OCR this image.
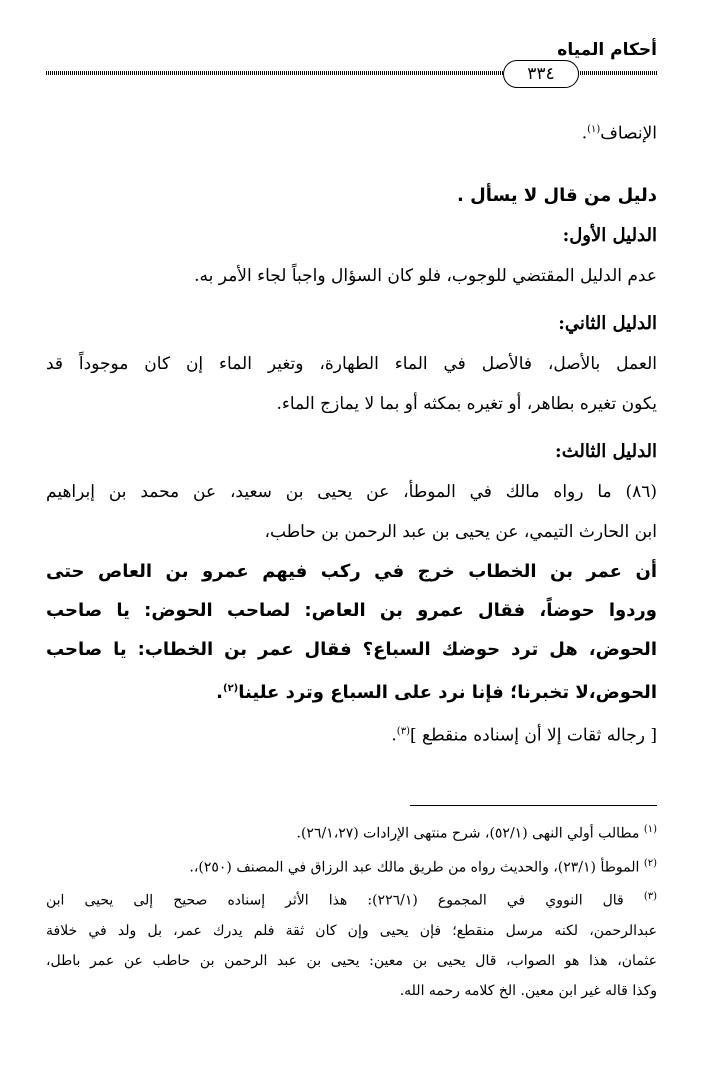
أحكام المياه
٣٣٤

الإنصاف$^{(١)}$.

دليل من قال لا يسأل .
الدليل الأول:

عدم الدليل المقتضي للوجوب، فلو كان السؤال واجباً لجاء الأمر به.

الدليل الثاني:

العمل بالأصل، فالأصل في الماء الطهارة، وتغير الماء إن كان موجوداً قد

يكون تغيره بطاهر، أو تغيره بمكثه أو بما لا يمازج الماء.

الدليل الثالث:

(٨٦) ما رواه مالك في الموطأ، عن يحيى بن سعيد، عن محمد بن إبراهيم

ابن الحارث التيمي، عن يحيى بن عبد الرحمن بن حاطب،

أن عمر بن الخطاب خرج في ركب فيهم عمرو بن العاص حتى

وردوا حوضاً، فقال عمرو بن العاص: لصاحب الحوض: يا صاحب

الحوض، هل ترد حوضك السباع؟ فقال عمر بن الخطاب: يا صاحب

الحوض،لا تخبرنا؛ فإنا نرد على السباع وترد علينا$^{(٢)}$.

[ رجاله ثقات إلا أن إسناده منقطع ]$^{(٣)}$.

$^{(١)}$ مطالب أولي النهى (٥٢/١)، شرح منتهى الإرادات (٢٦/١،٢٧).

$^{(٢)}$ الموطأ (٢٣/١)، والحديث رواه من طريق مالك عبد الرزاق في المصنف (٢٥٠)،.

$^{(٣)}$ قال النووي في المجموع (٢٢٦/١): هذا الأثر إسناده صحيح إلى يحيى ابن

عبدالرحمن، لكنه مرسل منقطع؛ فإن يحيى وإن كان ثقة فلم يدرك عمر، بل ولد في خلافة

عثمان، هذا هو الصواب، قال يحيى بن معين: يحيى بن عبد الرحمن بن حاطب عن عمر باطل،

وكذا قاله غير ابن معين. الخ كلامه رحمه الله.
